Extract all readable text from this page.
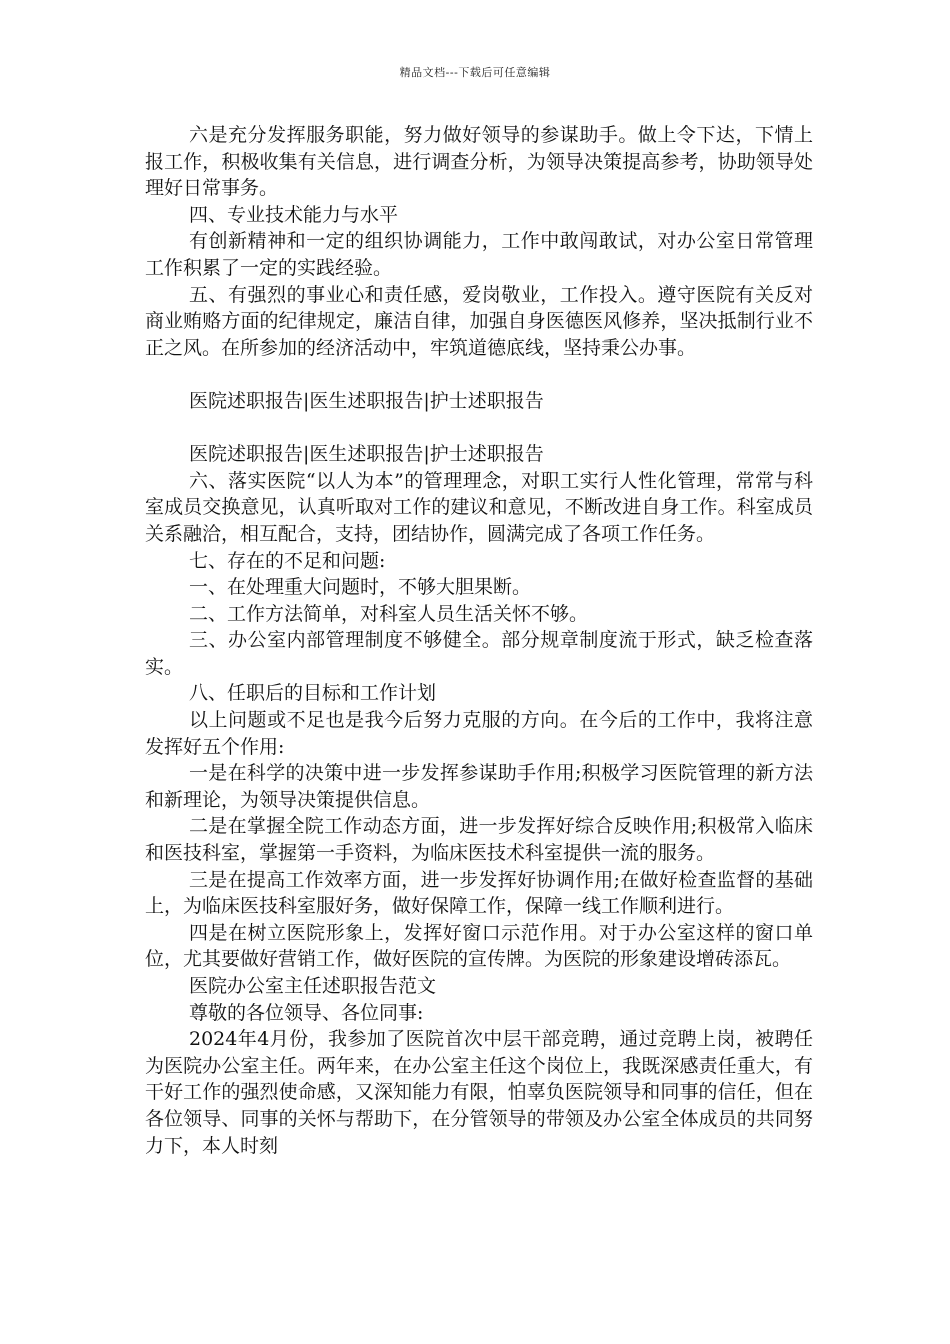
精品文档---下载后可任意编辑

六是充分发挥服务职能，努力做好领导的参谋助手。做上令下达，下情上报工作，积极收集有关信息，进行调查分析，为领导决策提高参考，协助领导处理好日常事务。

四、专业技术能力与水平

有创新精神和一定的组织协调能力，工作中敢闯敢试，对办公室日常管理工作积累了一定的实践经验。

五、有强烈的事业心和责任感，爱岗敬业，工作投入。遵守医院有关反对商业贿赂方面的纪律规定，廉洁自律，加强自身医德医风修养，坚决抵制行业不正之风。在所参加的经济活动中，牢筑道德底线，坚持秉公办事。

医院述职报告|医生述职报告|护士述职报告

医院述职报告|医生述职报告|护士述职报告

六、落实医院“以人为本”的管理理念，对职工实行人性化管理，常常与科室成员交换意见，认真听取对工作的建议和意见，不断改进自身工作。科室成员关系融洽，相互配合，支持，团结协作，圆满完成了各项工作任务。

七、存在的不足和问题:

一、在处理重大问题时，不够大胆果断。

二、工作方法简单，对科室人员生活关怀不够。

三、办公室内部管理制度不够健全。部分规章制度流于形式，缺乏检查落实。

八、任职后的目标和工作计划

以上问题或不足也是我今后努力克服的方向。在今后的工作中，我将注意发挥好五个作用:

一是在科学的决策中进一步发挥参谋助手作用;积极学习医院管理的新方法和新理论，为领导决策提供信息。

二是在掌握全院工作动态方面，进一步发挥好综合反映作用;积极常入临床和医技科室，掌握第一手资料，为临床医技术科室提供一流的服务。

三是在提高工作效率方面，进一步发挥好协调作用;在做好检查监督的基础上，为临床医技科室服好务，做好保障工作，保障一线工作顺利进行。

四是在树立医院形象上，发挥好窗口示范作用。对于办公室这样的窗口单位，尤其要做好营销工作，做好医院的宣传牌。为医院的形象建设增砖添瓦。

医院办公室主任述职报告范文

尊敬的各位领导、各位同事:

2024年4月份，我参加了医院首次中层干部竞聘，通过竞聘上岗，被聘任为医院办公室主任。两年来，在办公室主任这个岗位上，我既深感责任重大，有干好工作的强烈使命感，又深知能力有限，怕辜负医院领导和同事的信任，但在各位领导、同事的关怀与帮助下，在分管领导的带领及办公室全体成员的共同努力下，本人时刻
